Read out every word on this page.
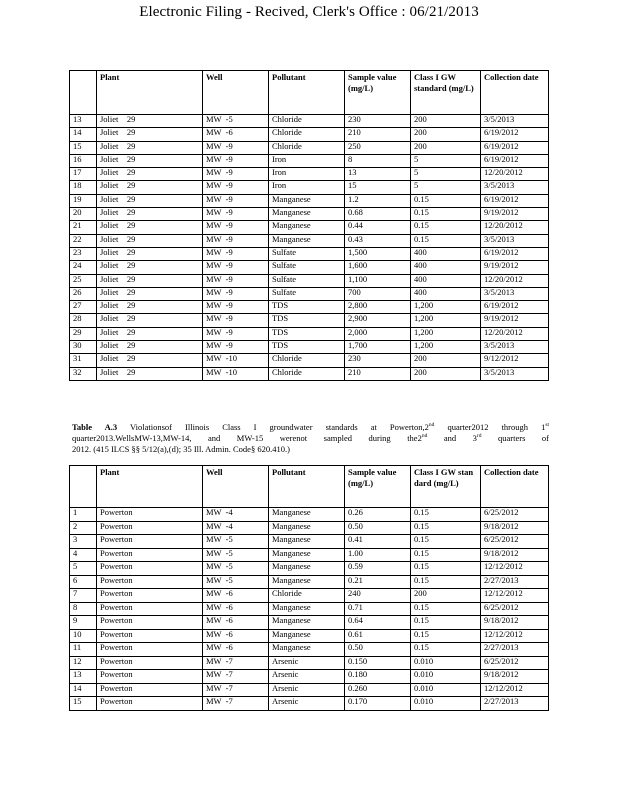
Electronic Filing - Recived, Clerk's Office : 06/21/2013
	Plant	Well	Pollutant	Sample value (mg/L)	Class I GW standard (mg/L)	Collection date
13	Joliet    29	MW  -5	Chloride	230	200	3/5/2013
14	Joliet    29	MW  -6	Chloride	210	200	6/19/2012
15	Joliet    29	MW  -9	Chloride	250	200	6/19/2012
16	Joliet    29	MW  -9	Iron	8	5	6/19/2012
17	Joliet    29	MW  -9	Iron	13	5	12/20/2012
18	Joliet    29	MW  -9	Iron	15	5	3/5/2013
19	Joliet    29	MW  -9	Manganese	1.2	0.15	6/19/2012
20	Joliet    29	MW  -9	Manganese	0.68	0.15	9/19/2012
21	Joliet    29	MW  -9	Manganese	0.44	0.15	12/20/2012
22	Joliet    29	MW  -9	Manganese	0.43	0.15	3/5/2013
23	Joliet    29	MW  -9	Sulfate	1,500	400	6/19/2012
24	Joliet    29	MW  -9	Sulfate	1,600	400	9/19/2012
25	Joliet    29	MW  -9	Sulfate	1,100	400	12/20/2012
26	Joliet    29	MW  -9	Sulfate	700	400	3/5/2013
27	Joliet    29	MW  -9	TDS	2,800	1,200	6/19/2012
28	Joliet    29	MW  -9	TDS	2,900	1,200	9/19/2012
29	Joliet    29	MW  -9	TDS	2,000	1,200	12/20/2012
30	Joliet    29	MW  -9	TDS	1,700	1,200	3/5/2013
31	Joliet    29	MW  -10	Chloride	230	200	9/12/2012
32	Joliet    29	MW  -10	Chloride	210	200	3/5/2013
Table A.3 Violationsof Illinois Class I groundwater standards at Powerton,2nd quarter2012 through 1st
quarter2013.WellsMW-13,MW-14, and MW-15 werenot sampled during the2nd and 3rd quarters of
2012. (415 ILCS §§ 5/12(a),(d); 35 Ill. Admin. Code§ 620.410.)
	Plant	Well	Pollutant	Sample value (mg/L)	Class I GW stan dard (mg/L)	Collection date
1	Powerton	MW  -4	Manganese	0.26	0.15	6/25/2012
2	Powerton	MW  -4	Manganese	0.50	0.15	9/18/2012
3	Powerton	MW  -5	Manganese	0.41	0.15	6/25/2012
4	Powerton	MW  -5	Manganese	1.00	0.15	9/18/2012
5	Powerton	MW  -5	Manganese	0.59	0.15	12/12/2012
6	Powerton	MW  -5	Manganese	0.21	0.15	2/27/2013
7	Powerton	MW  -6	Chloride	240	200	12/12/2012
8	Powerton	MW  -6	Manganese	0.71	0.15	6/25/2012
9	Powerton	MW  -6	Manganese	0.64	0.15	9/18/2012
10	Powerton	MW  -6	Manganese	0.61	0.15	12/12/2012
11	Powerton	MW  -6	Manganese	0.50	0.15	2/27/2013
12	Powerton	MW  -7	Arsenic	0.150	0.010	6/25/2012
13	Powerton	MW  -7	Arsenic	0.180	0.010	9/18/2012
14	Powerton	MW  -7	Arsenic	0.260	0.010	12/12/2012
15	Powerton	MW  -7	Arsenic	0.170	0.010	2/27/2013
